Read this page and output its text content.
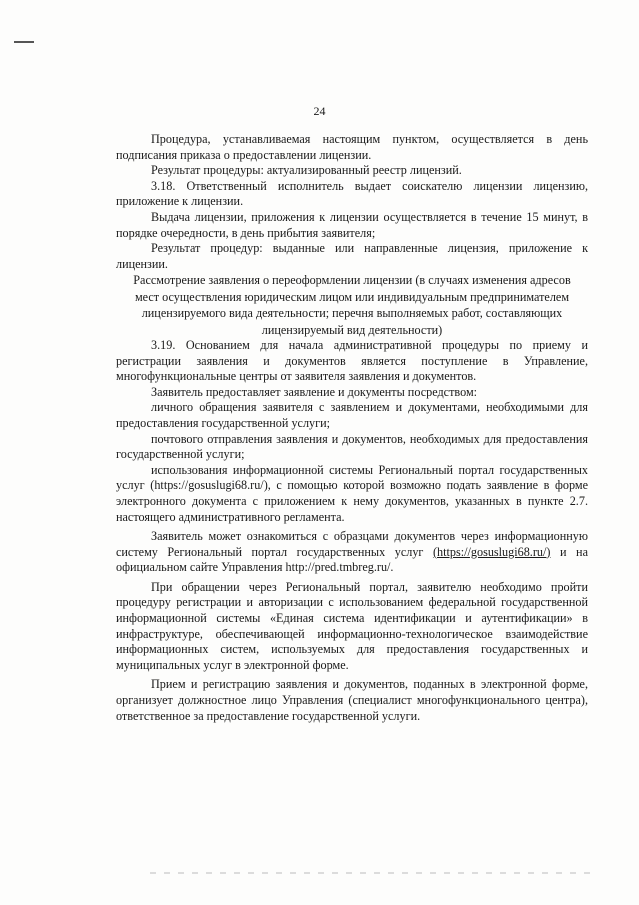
24

Процедура, устанавливаемая настоящим пунктом, осуществляется в день подписания приказа о предоставлении лицензии.

Результат процедуры: актуализированный реестр лицензий.

3.18. Ответственный исполнитель выдает соискателю лицензии лицензию, приложение к лицензии.

Выдача лицензии, приложения к лицензии осуществляется в течение 15 минут, в порядке очередности, в день прибытия заявителя;

Результат процедур: выданные или направленные лицензия, приложение к лицензии.

Рассмотрение заявления о переоформлении лицензии (в случаях изменения адресов мест осуществления юридическим лицом или индивидуальным предпринимателем лицензируемого вида деятельности; перечня выполняемых работ, составляющих лицензируемый вид деятельности)

3.19. Основанием для начала административной процедуры по приему и регистрации заявления и документов является поступление в Управление, многофункциональные центры от заявителя заявления и документов.

Заявитель предоставляет заявление и документы посредством:

личного обращения заявителя с заявлением и документами, необходимыми для предоставления государственной услуги;

почтового отправления заявления и документов, необходимых для предоставления государственной услуги;

использования информационной системы Региональный портал государственных услуг (https://gosuslugi68.ru/), с помощью которой возможно подать заявление в форме электронного документа с приложением к нему документов, указанных в пункте 2.7. настоящего административного регламента.

Заявитель может ознакомиться с образцами документов через информационную систему Региональный портал государственных услуг (https://gosuslugi68.ru/) и на официальном сайте Управления http://pred.tmbreg.ru/.

При обращении через Региональный портал, заявителю необходимо пройти процедуру регистрации и авторизации с использованием федеральной государственной информационной системы «Единая система идентификации и аутентификации» в инфраструктуре, обеспечивающей информационно-технологическое взаимодействие информационных систем, используемых для предоставления государственных и муниципальных услуг в электронной форме.

Прием и регистрацию заявления и документов, поданных в электронной форме, организует должностное лицо Управления (специалист многофункционального центра), ответственное за предоставление государственной услуги.
